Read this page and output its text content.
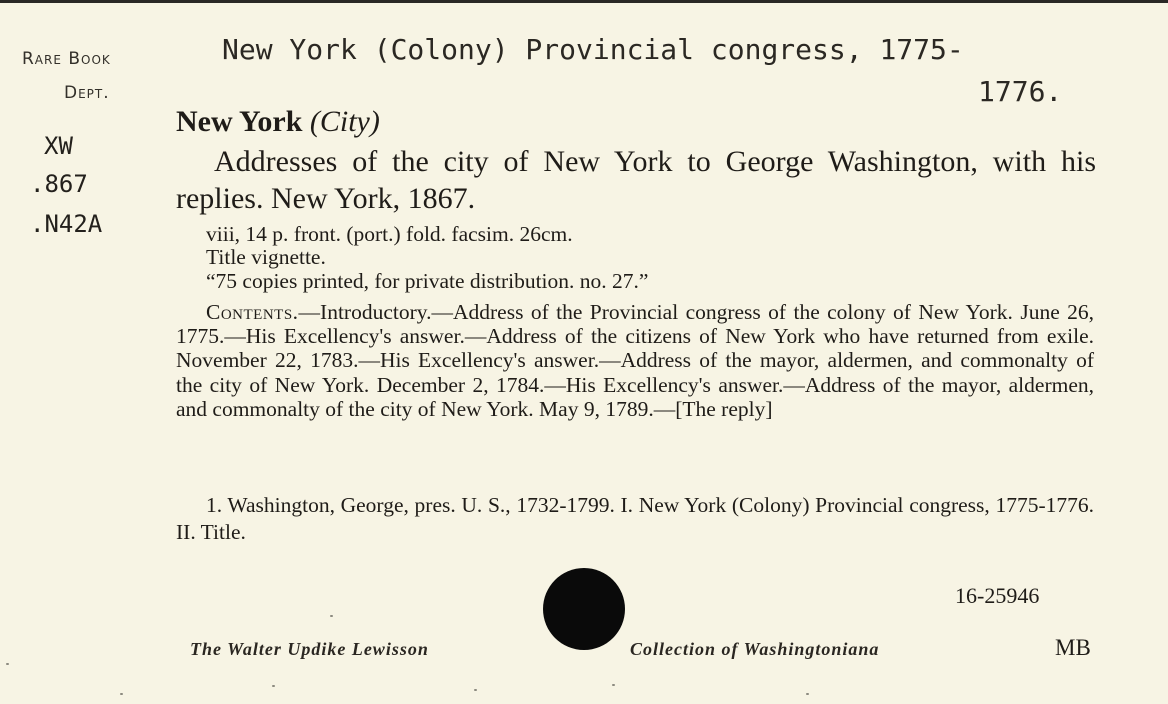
Rare Book
Dept.
XW
.867
.N42A
New York (Colony) Provincial congress, 1775-
1776.
New York (City)
Addresses of the city of New York to George Washington, with his replies. New York, 1867.
viii, 14 p. front. (port.) fold. facsim. 26cm.
Title vignette.
“75 copies printed, for private distribution. no. 27.”
Contents.—Introductory.—Address of the Provincial congress of the colony of New York. June 26, 1775.—His Excellency's answer.—Address of the citizens of New York who have returned from exile. November 22, 1783.—His Excellency's answer.—Address of the mayor, aldermen, and commonalty of the city of New York. December 2, 1784.—His Excellency's answer.—Address of the mayor, aldermen, and commonalty of the city of New York. May 9, 1789.—[The reply]
1. Washington, George, pres. U. S., 1732-1799. I. New York (Colony) Provincial congress, 1775-1776. II. Title.
16-25946
The Walter Updike Lewisson	Collection of Washingtoniana	MB
